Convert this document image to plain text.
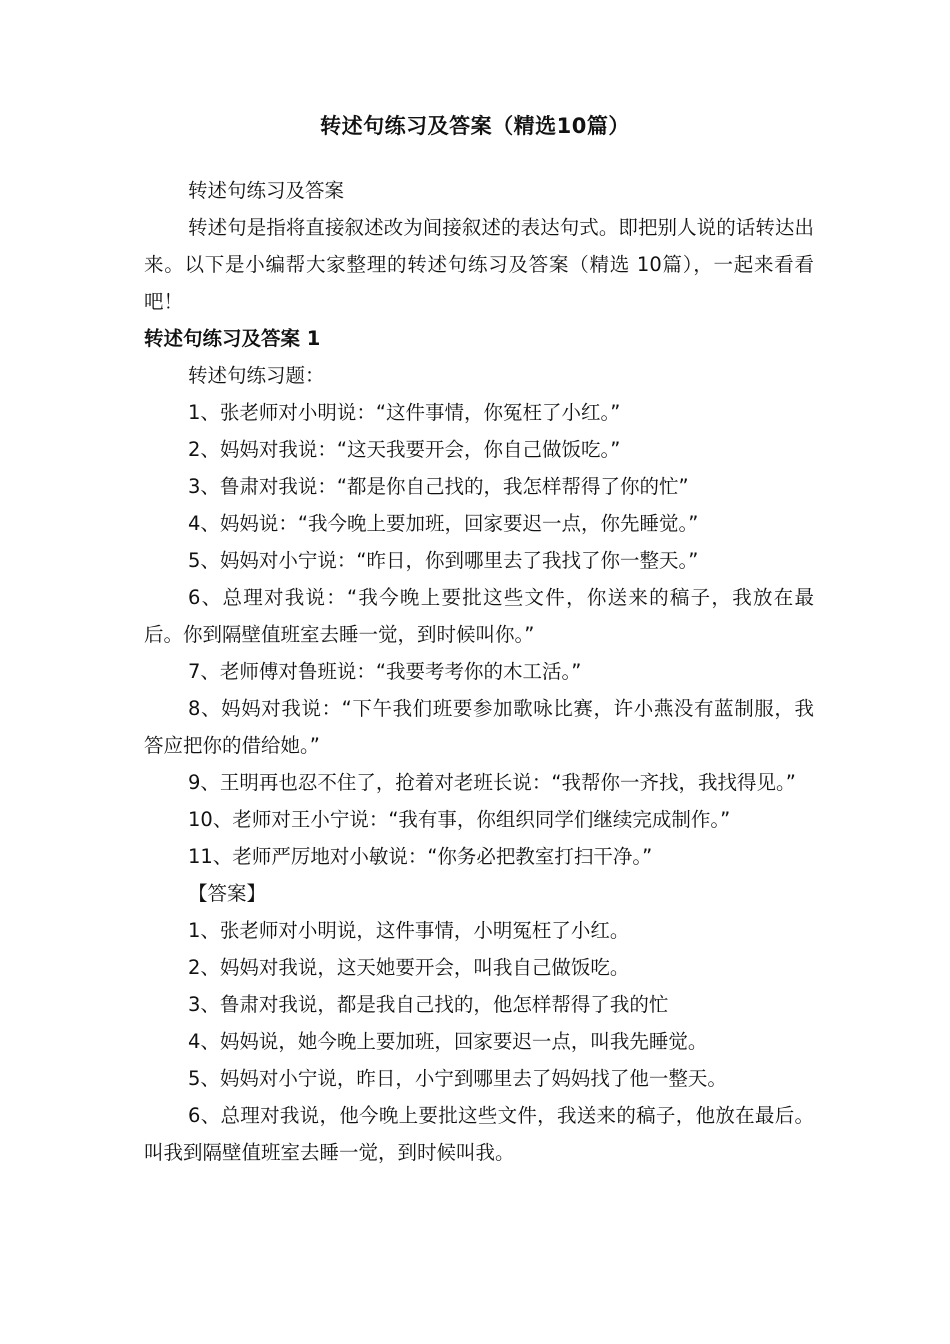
转述句练习及答案（精选10篇）

转述句练习及答案

转述句是指将直接叙述改为间接叙述的表达句式。即把别人说的话转达出来。以下是小编帮大家整理的转述句练习及答案（精选 10篇），一起来看看吧！

转述句练习及答案 1

转述句练习题：

1、张老师对小明说：“这件事情，你冤枉了小红。”

2、妈妈对我说：“这天我要开会，你自己做饭吃。”

3、鲁肃对我说：“都是你自己找的，我怎样帮得了你的忙”

4、妈妈说：“我今晚上要加班，回家要迟一点，你先睡觉。”

5、妈妈对小宁说：“昨日，你到哪里去了我找了你一整天。”

6、总理对我说：“我今晚上要批这些文件，你送来的稿子，我放在最后。你到隔壁值班室去睡一觉，到时候叫你。”

7、老师傅对鲁班说：“我要考考你的木工活。”

8、妈妈对我说：“下午我们班要参加歌咏比赛，许小燕没有蓝制服，我答应把你的借给她。”

9、王明再也忍不住了，抢着对老班长说：“我帮你一齐找，我找得见。”

10、老师对王小宁说：“我有事，你组织同学们继续完成制作。”

11、老师严厉地对小敏说：“你务必把教室打扫干净。”

【答案】

1、张老师对小明说，这件事情，小明冤枉了小红。

2、妈妈对我说，这天她要开会，叫我自己做饭吃。

3、鲁肃对我说，都是我自己找的，他怎样帮得了我的忙

4、妈妈说，她今晚上要加班，回家要迟一点，叫我先睡觉。

5、妈妈对小宁说，昨日，小宁到哪里去了妈妈找了他一整天。

6、总理对我说，他今晚上要批这些文件，我送来的稿子，他放在最后。叫我到隔壁值班室去睡一觉，到时候叫我。
